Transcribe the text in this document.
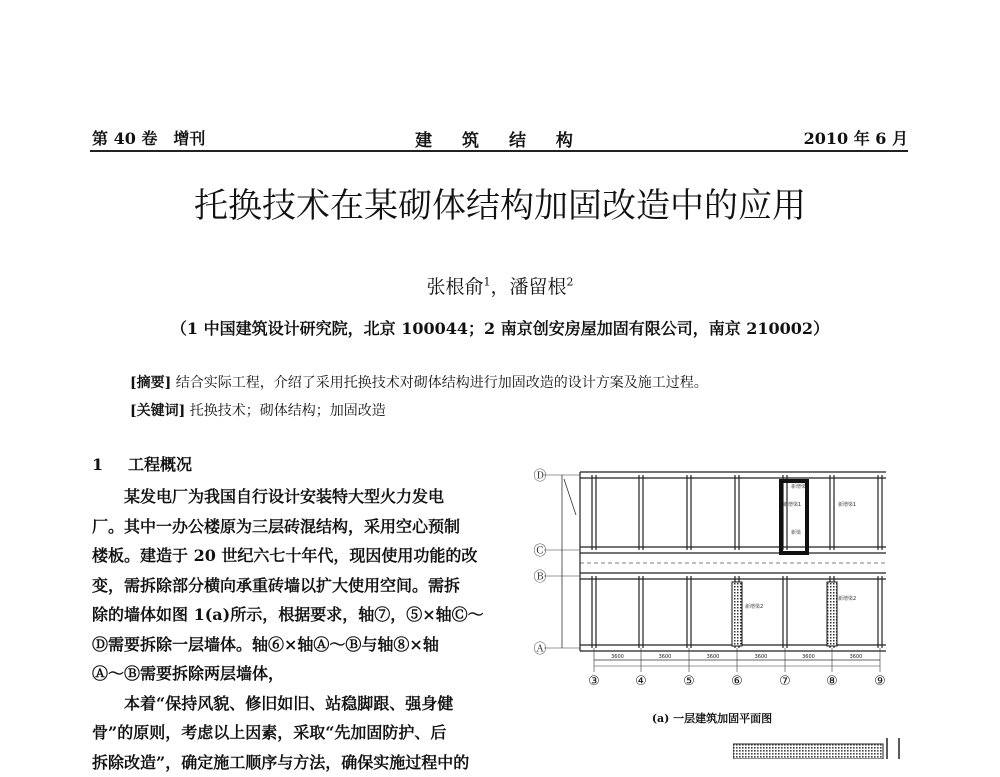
第 40 卷　增刊	建 筑 结 构	2010 年 6 月
托换技术在某砌体结构加固改造中的应用
张根俞$^1$，潘留根$^2$
（1 中国建筑设计研究院，北京 100044；2 南京创安房屋加固有限公司，南京 210002）
[摘要] 结合实际工程，介绍了采用托换技术对砌体结构进行加固改造的设计方案及施工过程。
[关键词] 托换技术；砌体结构；加固改造
1 工程概况

某发电厂为我国自行设计安装特大型火力发电
厂。其中一办公楼原为三层砖混结构，采用空心预制
楼板。建造于 20 世纪六七十年代，现因使用功能的改
变，需拆除部分横向承重砖墙以扩大使用空间。需拆
除的墙体如图 1(a)所示，根据要求，轴⑦，⑤×轴Ⓒ～
Ⓓ需要拆除一层墙体。轴⑥×轴Ⓐ～Ⓑ与轴⑧×轴
Ⓐ～Ⓑ需要拆除两层墙体，

本着“保持风貌、修旧如旧、站稳脚跟、强身健
骨”的原则，考虑以上因素，采取“先加固防护、后
拆除改造”，确定施工顺序与方法，确保实施过程中的

新增梁
新增梁1	新增梁1
新增梁2
新增梁2
新梁
Ⓓ
Ⓒ
Ⓑ
Ⓐ	3600	3600	3600	3600	3600	3600
③	④	⑤	⑥	⑦	⑧	⑨
(a) 一层建筑加固平面图
